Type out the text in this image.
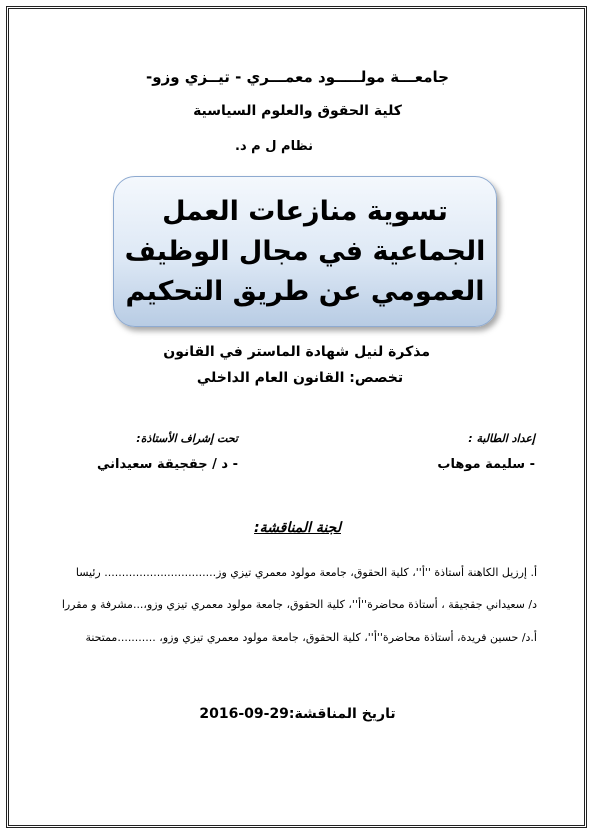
جامعـــة مولـــــود معمـــري - تيــزي وزو-
كلية الحقوق والعلوم السياسية
نظام ل م د.
تسوية منازعات العمل
الجماعية في مجال الوظيف
العمومي عن طريق التحكيم
مذكرة لنيل شهادة الماستر في القانون
تخصص: القانون العام الداخلي
إعداد الطالبة :
تحت إشراف الأستاذة:
- سليمة موهاب
- د / جقجيقة سعيداني
لجنة المناقشة:
أ. إرزيل الكاهنة أستاذة ''أ''، كلية الحقوق، جامعة مولود معمري تيزي وز................................ رئيسا
د/ سعيداني جقجيقة ، أستاذة محاضرة''أ''، كلية الحقوق، جامعة مولود معمري تيزي وزو،...مشرفة و مقررا
أ.د/ حسين فريدة، أستاذة محاضرة''أ''، كلية الحقوق، جامعة مولود معمري تيزي وزو، ...........ممتحنة
تاريخ المناقشة:29-09-2016
